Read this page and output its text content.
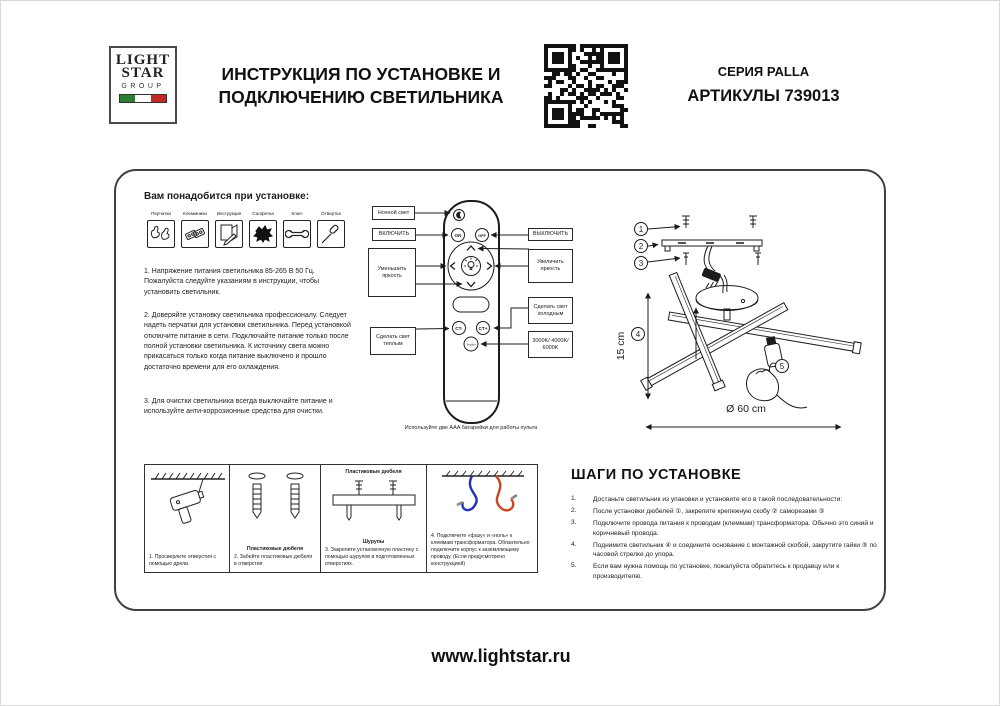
LIGHT
STAR
GROUP
ИНСТРУКЦИЯ ПО УСТАНОВКЕ И
ПОДКЛЮЧЕНИЮ СВЕТИЛЬНИКА
СЕРИЯ PALLA
АРТИКУЛЫ 739013
Вам понадобится при установке:
Перчатки	Клеммники	Инструкция	Салфетка	Ключ	Отвертка
1. Напряжение питания светильника 85-265 В 50 Гц. Пожалуйста следуйте указаниям в инструкции, чтобы установить светильник.
2. Доверяйте установку светильника профессионалу. Следует надеть перчатки для установки светильника. Перед установкой отключите питание в сети. Подключайте питание только после полной установки светильника. К источнику света можно прикасаться только когда питание выключено и прошло достаточно времени для его охлаждения.
3. Для очистки светильника всегда выключайте питание и используйте анти-коррозионные средства для очистки.
ON	OFF
CT-	CT+
Section
1
2
3
15 cm 4
5
Ø 60 cm
Ночной свет
ВКЛЮЧИТЬ
Уменьшить яркость
Сделать свет теплым
ВЫКЛЮЧИТЬ
Увеличить яркость
Сделать свет холодным
3000K/ 4000K/ 6000K
Используйте две AAA батарейки для работы пульта
1. Просверлите отверстия с помощью дрели.
Пластиковые дюбеля
2. Забейте пластиковые дюбеля в отверстия
Пластиковые дюбеля
Шурупы
3. Закрепите установочную пластину с помощью шурупов в подготовленных отверстиях.
4. Подключите «фазу» и «ноль» к клеммам трансформатора. Обязательно подключите корпус к заземляющему проводу. (Если предусмотрено конструкцией)
ШАГИ ПО УСТАНОВКЕ
1.	Достаньте светильник из упаковки и установите его в такой последовательности:
2.	После установки дюбелей ①, закрепите крепежную скобу ② саморезами ③
3.	Подключите провода питания к проводам (клеммам) трансформатора. Обычно это синий и коричневый провода.
4.	Поднимите светильник ④ и соедините основание с монтажной скобой, закрутите гайки ⑤ по часовой стрелке до упора.
5.	Если вам нужна помощь по установке, пожалуйста обратитесь к продавцу или к производителю.
www.lightstar.ru
